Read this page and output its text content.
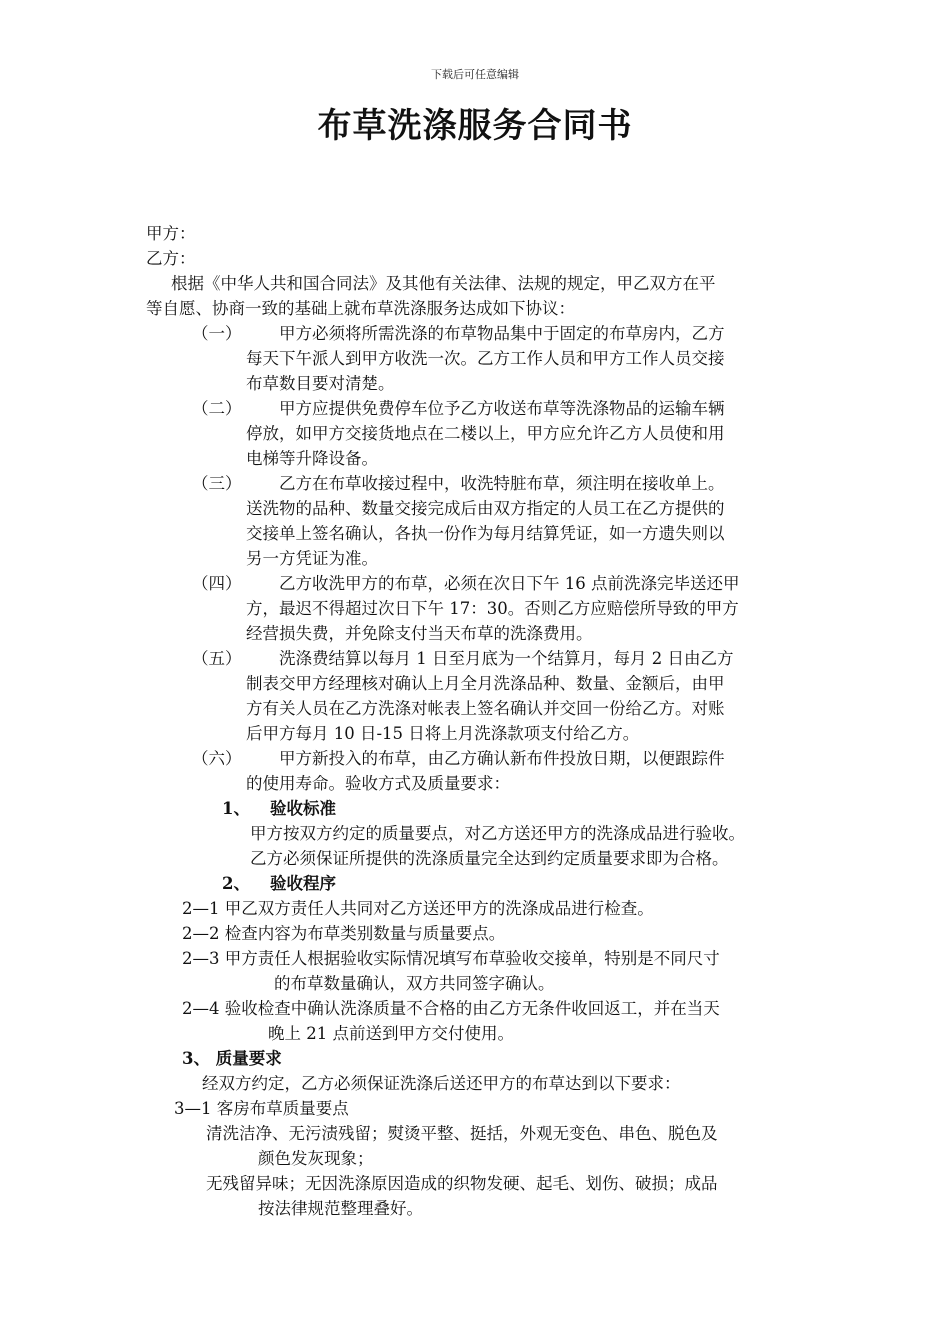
下载后可任意编辑
布草洗涤服务合同书
甲方：
乙方：
根据《中华人共和国合同法》及其他有关法律、法规的规定，甲乙双方在平
等自愿、协商一致的基础上就布草洗涤服务达成如下协议：
（一）	甲方必须将所需洗涤的布草物品集中于固定的布草房内，乙方
每天下午派人到甲方收洗一次。乙方工作人员和甲方工作人员交接
布草数目要对清楚。
（二）	甲方应提供免费停车位予乙方收送布草等洗涤物品的运输车辆
停放，如甲方交接货地点在二楼以上，甲方应允许乙方人员使和用
电梯等升降设备。
（三）	乙方在布草收接过程中，收洗特脏布草，须注明在接收单上。
送洗物的品种、数量交接完成后由双方指定的人员工在乙方提供的
交接单上签名确认，各执一份作为每月结算凭证，如一方遗失则以
另一方凭证为准。
（四）	乙方收洗甲方的布草，必须在次日下午 16 点前洗涤完毕送还甲
方，最迟不得超过次日下午 17：30。否则乙方应赔偿所导致的甲方
经营损失费，并免除支付当天布草的洗涤费用。
（五）	洗涤费结算以每月 1 日至月底为一个结算月，每月 2 日由乙方
制表交甲方经理核对确认上月全月洗涤品种、数量、金额后，由甲
方有关人员在乙方洗涤对帐表上签名确认并交回一份给乙方。对账
后甲方每月 10 日-15 日将上月洗涤款项支付给乙方。
（六）	甲方新投入的布草，由乙方确认新布件投放日期，以便跟踪件
的使用寿命。验收方式及质量要求：
1、 验收标准
甲方按双方约定的质量要点，对乙方送还甲方的洗涤成品进行验收。
乙方必须保证所提供的洗涤质量完全达到约定质量要求即为合格。
2、 验收程序
2—1 甲乙双方责任人共同对乙方送还甲方的洗涤成品进行检查。
2—2 检查内容为布草类别数量与质量要点。
2—3 甲方责任人根据验收实际情况填写布草验收交接单，特别是不同尺寸
的布草数量确认，双方共同签字确认。
2—4 验收检查中确认洗涤质量不合格的由乙方无条件收回返工，并在当天
晚上 21 点前送到甲方交付使用。
3、 质量要求
经双方约定，乙方必须保证洗涤后送还甲方的布草达到以下要求：
3—1 客房布草质量要点
清洗洁净、无污渍残留；熨烫平整、挺括，外观无变色、串色、脱色及
颜色发灰现象；
无残留异味；无因洗涤原因造成的织物发硬、起毛、划伤、破损；成品
按法律规范整理叠好。
